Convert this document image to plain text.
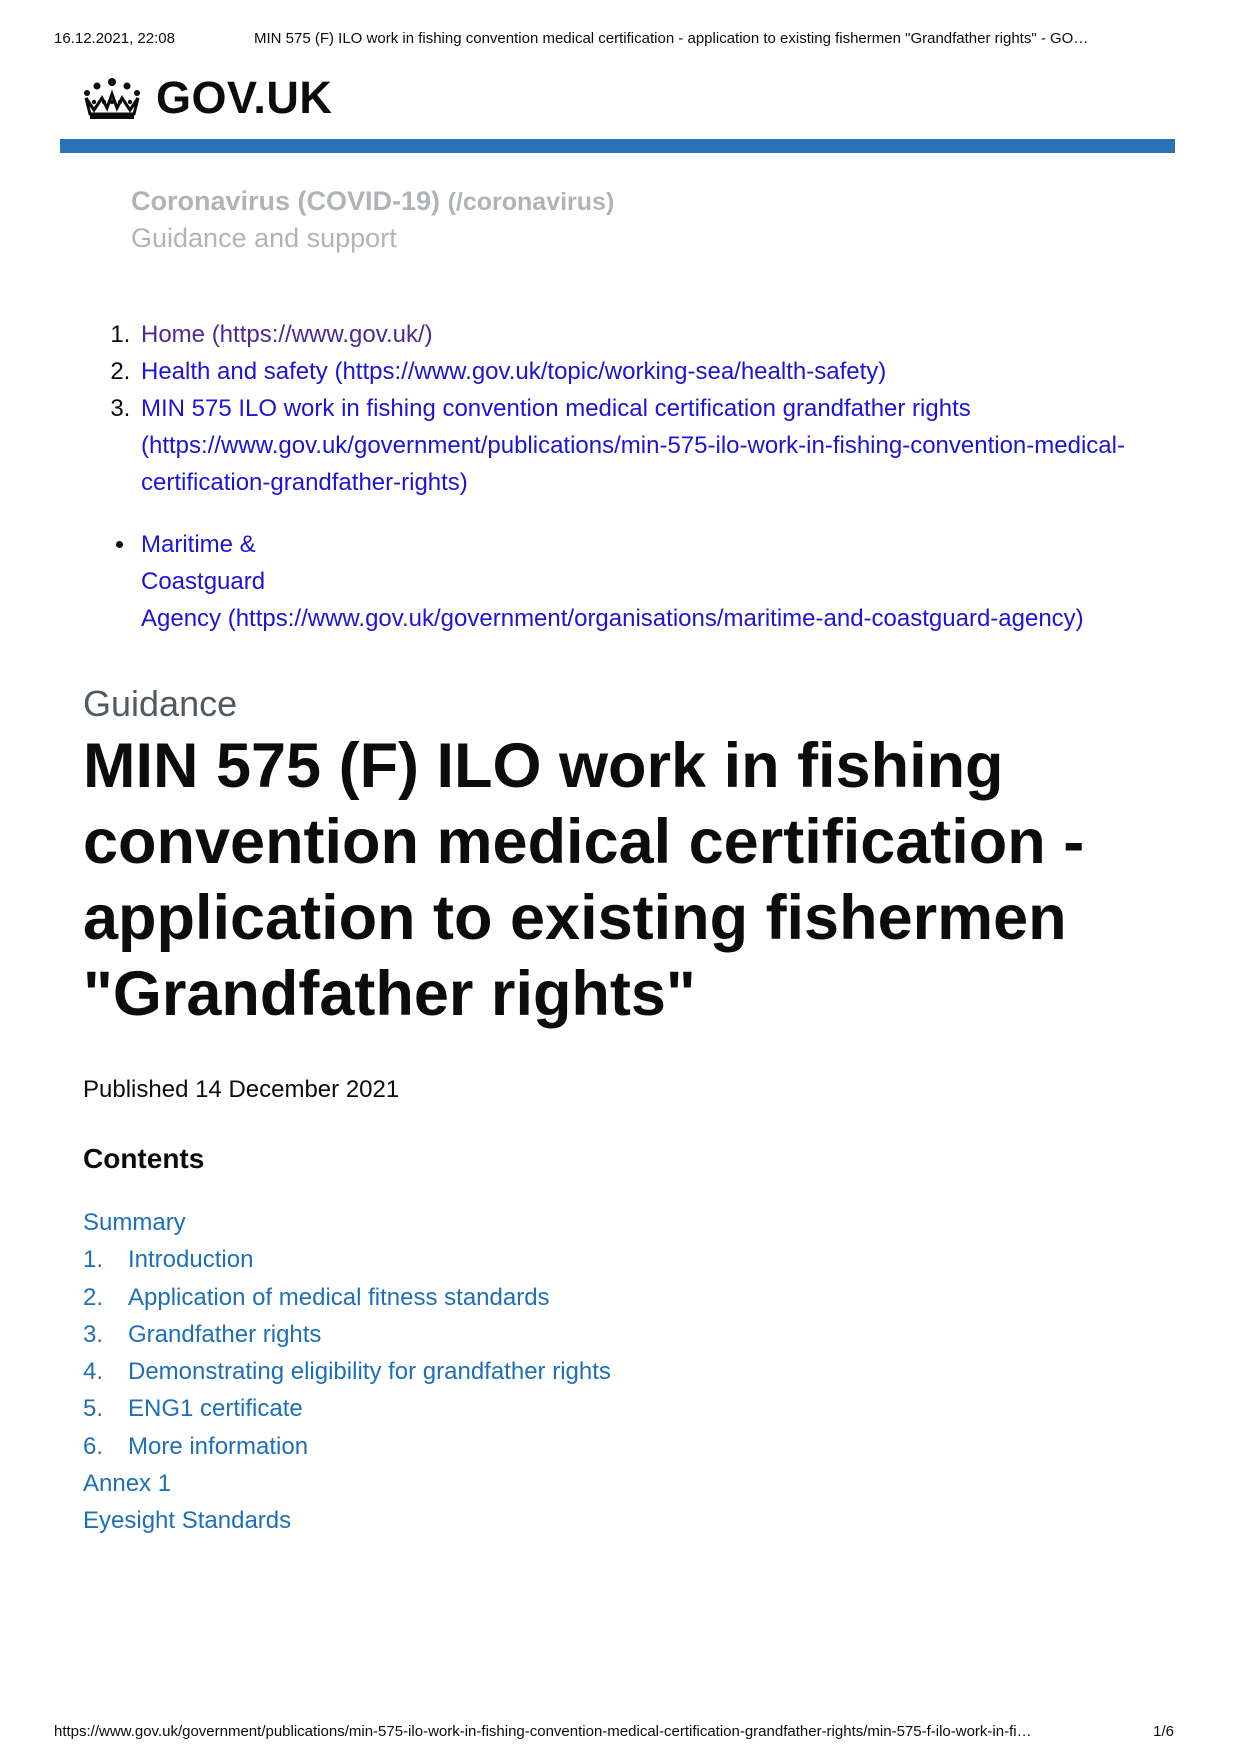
16.12.2021, 22:08	MIN 575 (F) ILO work in fishing convention medical certification - application to existing fishermen "Grandfather rights" - GO…
GOV.UK
Coronavirus (COVID-19) (/coronavirus)
Guidance and support
1. Home (https://www.gov.uk/)
2. Health and safety (https://www.gov.uk/topic/working-sea/health-safety)
3. MIN 575 ILO work in fishing convention medical certification grandfather rights (https://www.gov.uk/government/publications/min-575-ilo-work-in-fishing-convention-medical-certification-grandfather-rights)
• Maritime &
Coastguard
Agency (https://www.gov.uk/government/organisations/maritime-and-coastguard-agency)
Guidance
MIN 575 (F) ILO work in fishing convention medical certification - application to existing fishermen "Grandfather rights"
Published 14 December 2021
Contents
Summary
1.	Introduction
2.	Application of medical fitness standards
3.	Grandfather rights
4.	Demonstrating eligibility for grandfather rights
5.	ENG1 certificate
6.	More information
Annex 1
Eyesight Standards
https://www.gov.uk/government/publications/min-575-ilo-work-in-fishing-convention-medical-certification-grandfather-rights/min-575-f-ilo-work-in-fi…	1/6
